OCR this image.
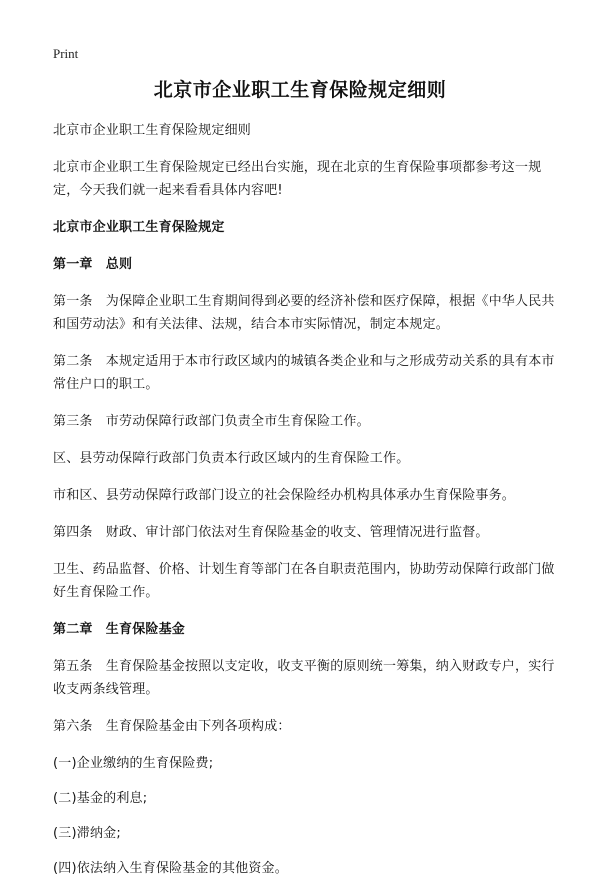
Print
北京市企业职工生育保险规定细则

北京市企业职工生育保险规定细则

北京市企业职工生育保险规定已经出台实施，现在北京的生育保险事项都参考这一规定，今天我们就一起来看看具体内容吧!

北京市企业职工生育保险规定

第一章　总则

第一条　为保障企业职工生育期间得到必要的经济补偿和医疗保障，根据《中华人民共和国劳动法》和有关法律、法规，结合本市实际情况，制定本规定。

第二条　本规定适用于本市行政区域内的城镇各类企业和与之形成劳动关系的具有本市常住户口的职工。

第三条　市劳动保障行政部门负责全市生育保险工作。

区、县劳动保障行政部门负责本行政区域内的生育保险工作。

市和区、县劳动保障行政部门设立的社会保险经办机构具体承办生育保险事务。

第四条　财政、审计部门依法对生育保险基金的收支、管理情况进行监督。

卫生、药品监督、价格、计划生育等部门在各自职责范围内，协助劳动保障行政部门做好生育保险工作。

第二章　生育保险基金

第五条　生育保险基金按照以支定收，收支平衡的原则统一筹集，纳入财政专户，实行收支两条线管理。

第六条　生育保险基金由下列各项构成：

(一)企业缴纳的生育保险费;

(二)基金的利息;

(三)滞纳金;

(四)依法纳入生育保险基金的其他资金。
